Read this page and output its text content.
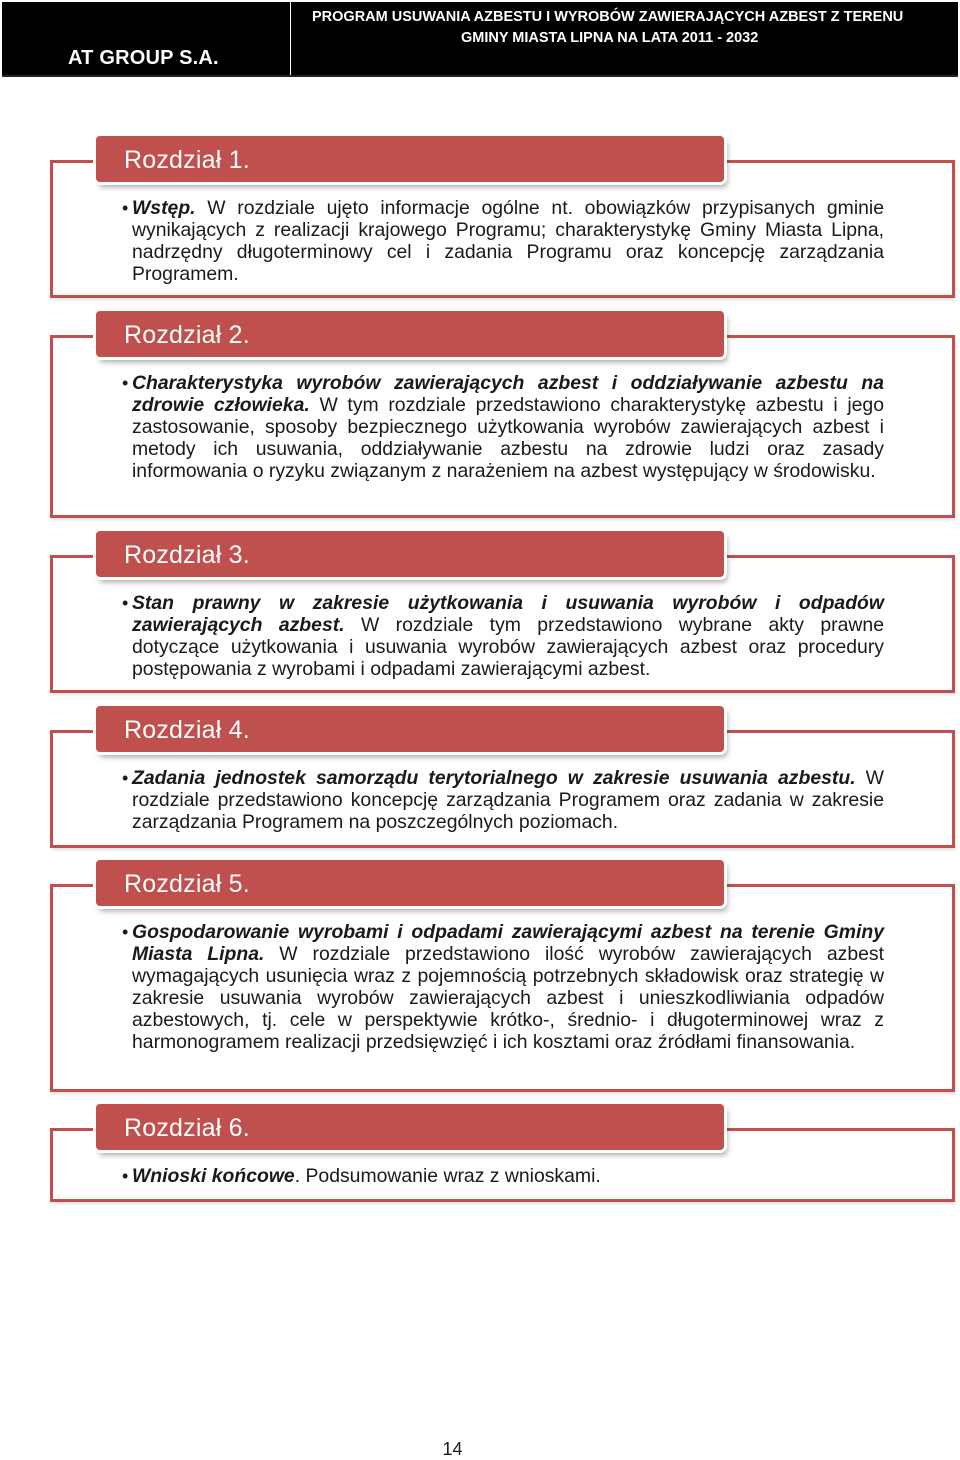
AT GROUP S.A.
PROGRAM USUWANIA AZBESTU I WYROBÓW ZAWIERAJĄCYCH AZBEST Z TERENU
GMINY MIASTA LIPNA NA LATA 2011 - 2032
Rozdział 1.
• Wstęp. W rozdziale ujęto informacje ogólne nt. obowiązków przypisanych gminie wynikających z realizacji krajowego Programu; charakterystykę Gminy Miasta Lipna, nadrzędny długoterminowy cel i zadania Programu oraz koncepcję zarządzania Programem.
Rozdział 2.
• Charakterystyka wyrobów zawierających azbest i oddziaływanie azbestu na zdrowie człowieka. W tym rozdziale przedstawiono charakterystykę azbestu i jego zastosowanie, sposoby bezpiecznego użytkowania wyrobów zawierających azbest i metody ich usuwania, oddziaływanie azbestu na zdrowie ludzi oraz zasady informowania o ryzyku związanym z narażeniem na azbest występujący w środowisku.
Rozdział 3.
• Stan prawny w zakresie użytkowania i usuwania wyrobów i odpadów zawierających azbest. W rozdziale tym przedstawiono wybrane akty prawne dotyczące użytkowania i usuwania wyrobów zawierających azbest oraz procedury postępowania z wyrobami i odpadami zawierającymi azbest.
Rozdział 4.
• Zadania jednostek samorządu terytorialnego w zakresie usuwania azbestu. W rozdziale przedstawiono koncepcję zarządzania Programem oraz zadania w zakresie zarządzania Programem na poszczególnych poziomach.
Rozdział 5.
• Gospodarowanie wyrobami i odpadami zawierającymi azbest na terenie Gminy Miasta Lipna. W rozdziale przedstawiono ilość wyrobów zawierających azbest wymagających usunięcia wraz z pojemnością potrzebnych składowisk oraz strategię w zakresie usuwania wyrobów zawierających azbest i unieszkodliwiania odpadów azbestowych, tj. cele w perspektywie krótko-, średnio- i długoterminowej wraz z harmonogramem realizacji przedsięwzięć i ich kosztami oraz źródłami finansowania.
Rozdział 6.
• Wnioski końcowe. Podsumowanie wraz z wnioskami.
14
